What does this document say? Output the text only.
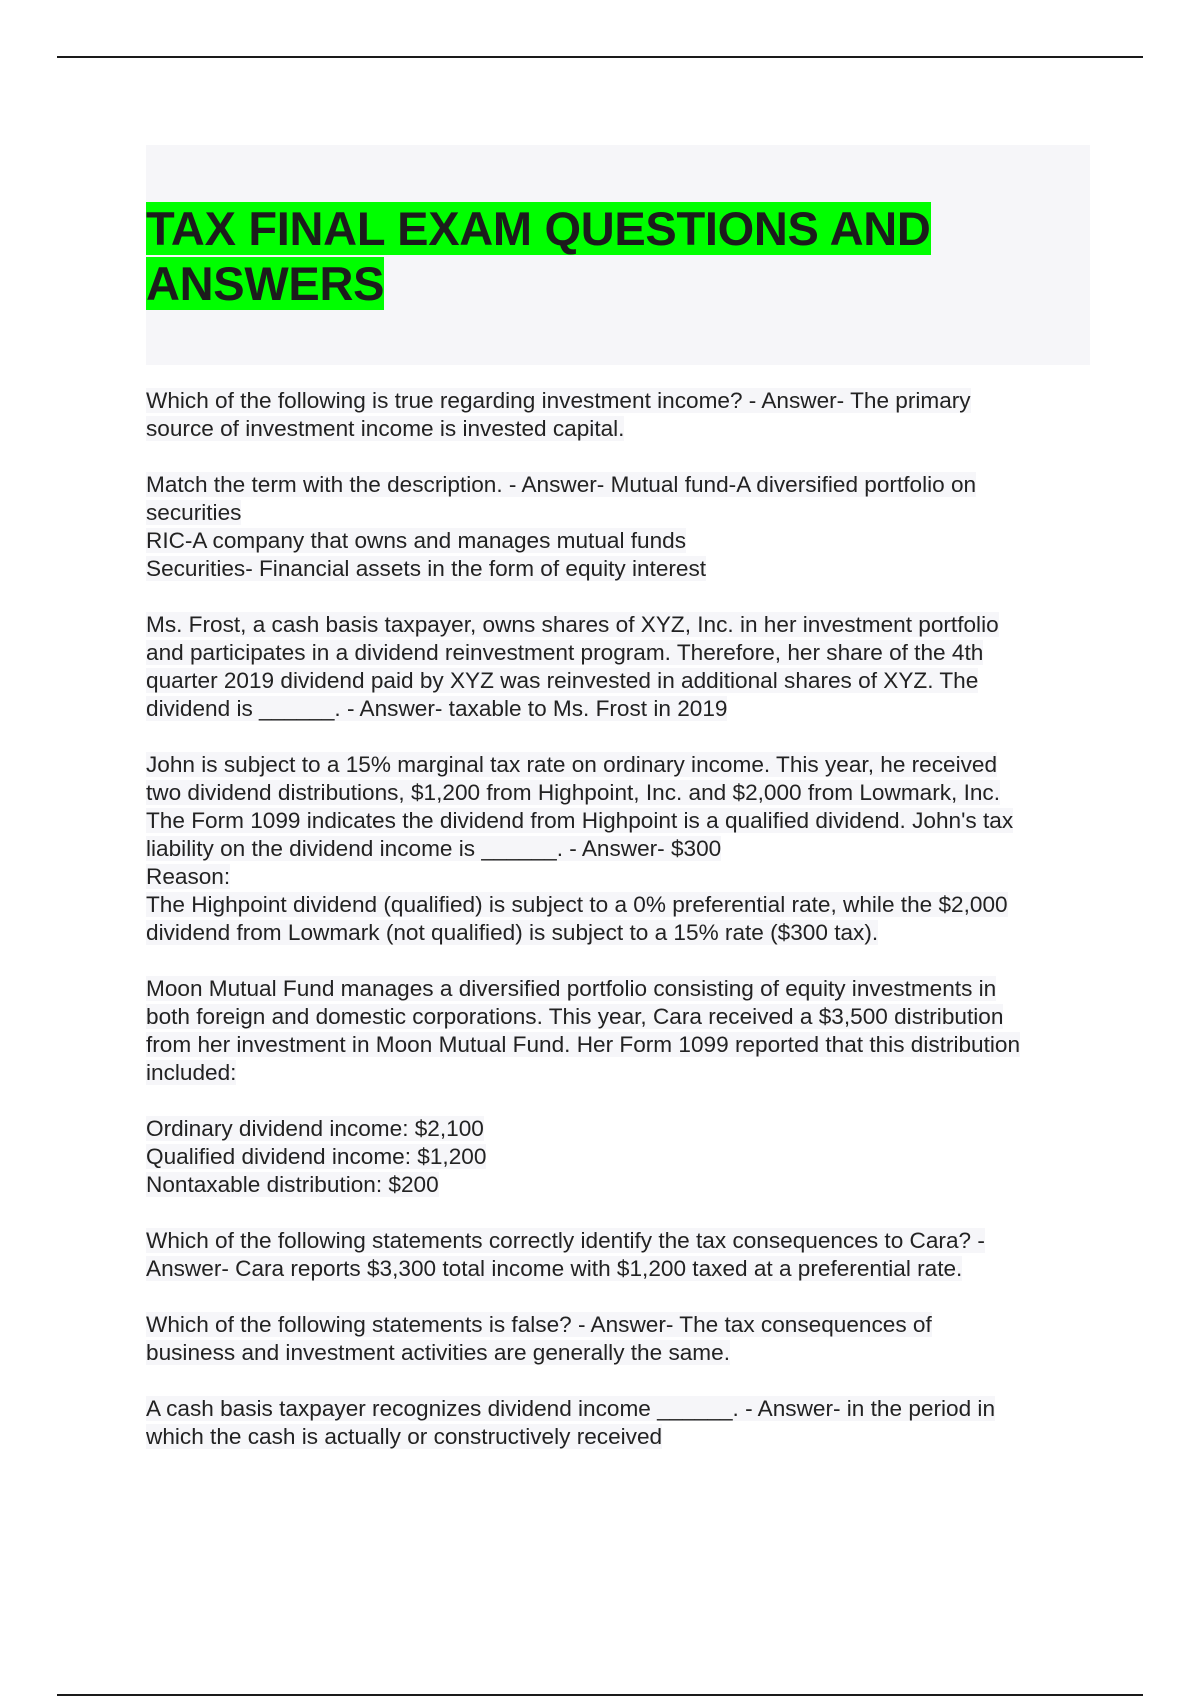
TAX FINAL EXAM QUESTIONS AND ANSWERS

Which of the following is true regarding investment income? - Answer- The primary

source of investment income is invested capital.

Match the term with the description. - Answer- Mutual fund-A diversified portfolio on

securities

RIC-A company that owns and manages mutual funds

Securities- Financial assets in the form of equity interest

Ms. Frost, a cash basis taxpayer, owns shares of XYZ, Inc. in her investment portfolio

and participates in a dividend reinvestment program. Therefore, her share of the 4th

quarter 2019 dividend paid by XYZ was reinvested in additional shares of XYZ. The

dividend is ______. - Answer- taxable to Ms. Frost in 2019

John is subject to a 15% marginal tax rate on ordinary income. This year, he received

two dividend distributions, $1,200 from Highpoint, Inc. and $2,000 from Lowmark, Inc.

The Form 1099 indicates the dividend from Highpoint is a qualified dividend. John's tax

liability on the dividend income is ______. - Answer- $300

Reason:

The Highpoint dividend (qualified) is subject to a 0% preferential rate, while the $2,000

dividend from Lowmark (not qualified) is subject to a 15% rate ($300 tax).

Moon Mutual Fund manages a diversified portfolio consisting of equity investments in

both foreign and domestic corporations. This year, Cara received a $3,500 distribution

from her investment in Moon Mutual Fund. Her Form 1099 reported that this distribution

included:

Ordinary dividend income: $2,100

Qualified dividend income: $1,200

Nontaxable distribution: $200

Which of the following statements correctly identify the tax consequences to Cara? -

Answer- Cara reports $3,300 total income with $1,200 taxed at a preferential rate.

Which of the following statements is false? - Answer- The tax consequences of

business and investment activities are generally the same.

A cash basis taxpayer recognizes dividend income ______. - Answer- in the period in

which the cash is actually or constructively received
